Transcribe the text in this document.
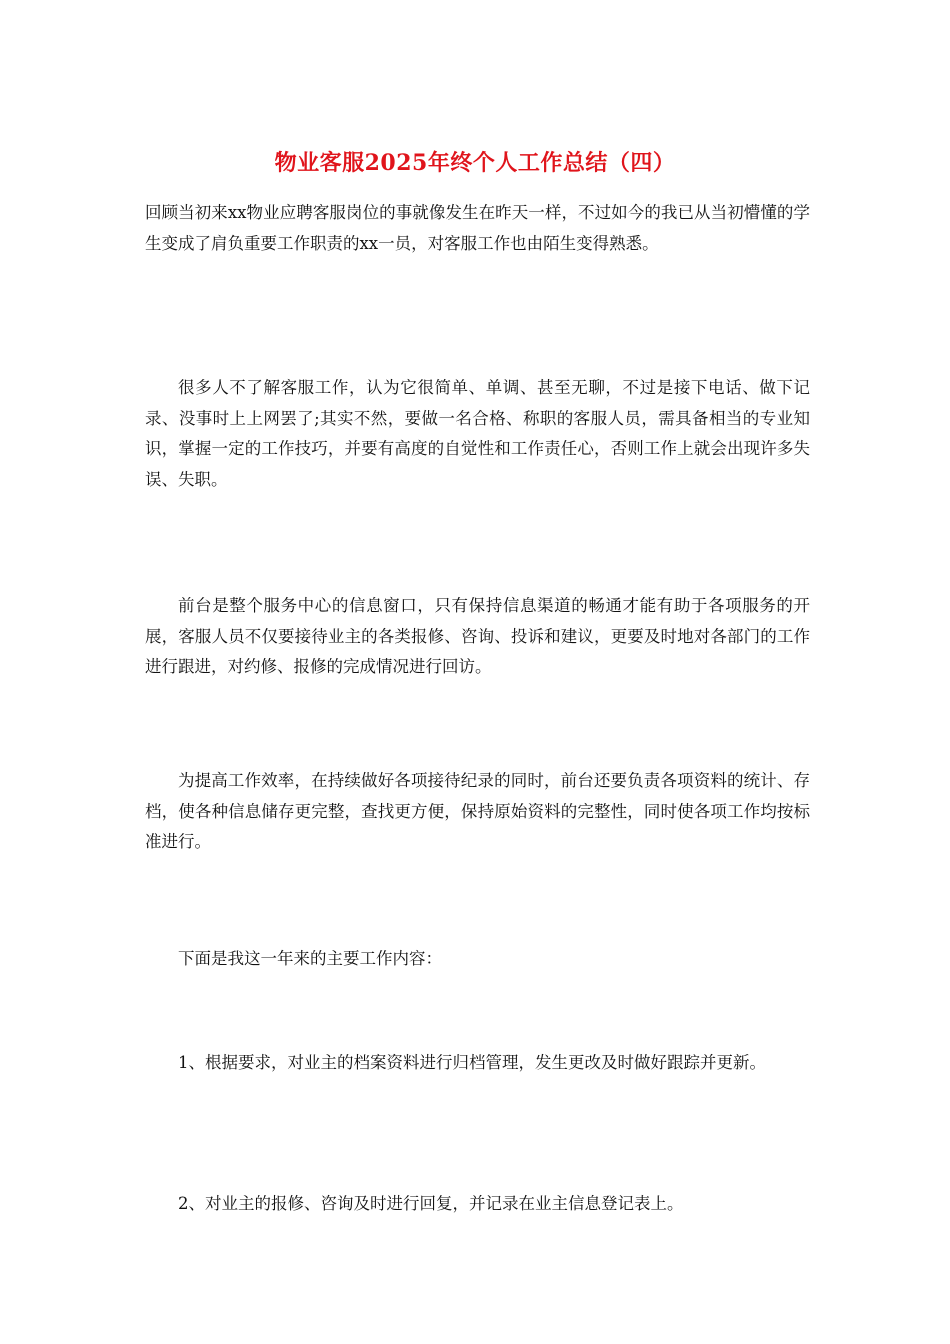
物业客服2025年终个人工作总结（四）

回顾当初来xx物业应聘客服岗位的事就像发生在昨天一样，不过如今的我已从当初懵懂的学生变成了肩负重要工作职责的xx一员，对客服工作也由陌生变得熟悉。

很多人不了解客服工作，认为它很简单、单调、甚至无聊，不过是接下电话、做下记录、没事时上上网罢了;其实不然，要做一名合格、称职的客服人员，需具备相当的专业知识，掌握一定的工作技巧，并要有高度的自觉性和工作责任心，否则工作上就会出现许多失误、失职。

前台是整个服务中心的信息窗口，只有保持信息渠道的畅通才能有助于各项服务的开展，客服人员不仅要接待业主的各类报修、咨询、投诉和建议，更要及时地对各部门的工作进行跟进，对约修、报修的完成情况进行回访。

为提高工作效率，在持续做好各项接待纪录的同时，前台还要负责各项资料的统计、存档，使各种信息储存更完整，查找更方便，保持原始资料的完整性，同时使各项工作均按标准进行。

下面是我这一年来的主要工作内容：

1、根据要求，对业主的档案资料进行归档管理，发生更改及时做好跟踪并更新。

2、对业主的报修、咨询及时进行回复，并记录在业主信息登记表上。
